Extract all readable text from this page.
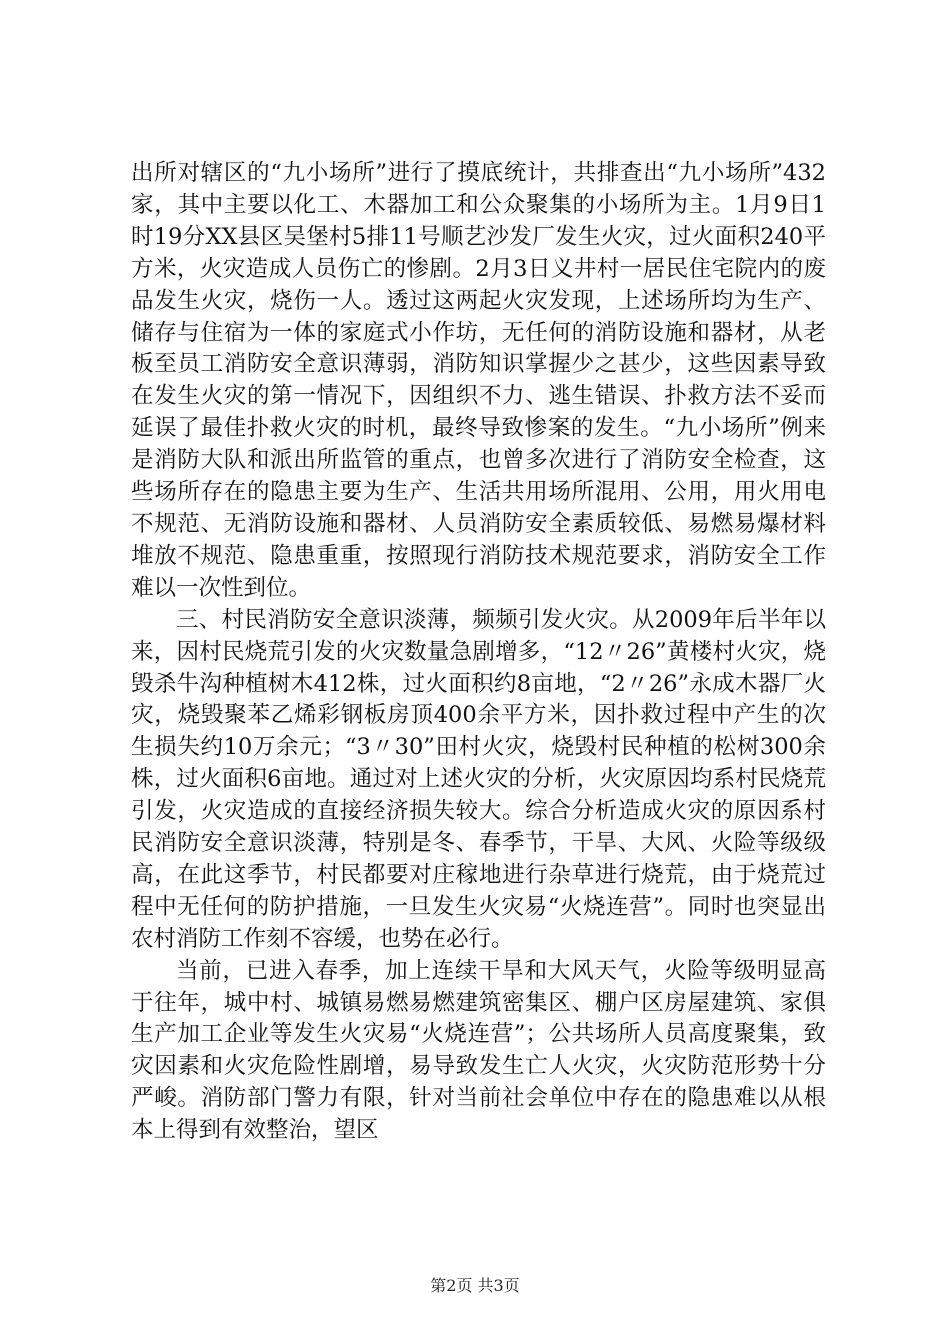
出所对辖区的“九小场所”进行了摸底统计，共排查出“九小场所”432家，其中主要以化工、木器加工和公众聚集的小场所为主。1月9日1时19分XX县区吴堡村5排11号顺艺沙发厂发生火灾，过火面积240平方米，火灾造成人员伤亡的惨剧。2月3日义井村一居民住宅院内的废品发生火灾，烧伤一人。透过这两起火灾发现，上述场所均为生产、储存与住宿为一体的家庭式小作坊，无任何的消防设施和器材，从老板至员工消防安全意识薄弱，消防知识掌握少之甚少，这些因素导致在发生火灾的第一情况下，因组织不力、逃生错误、扑救方法不妥而延误了最佳扑救火灾的时机，最终导致惨案的发生。“九小场所”例来是消防大队和派出所监管的重点，也曾多次进行了消防安全检查，这些场所存在的隐患主要为生产、生活共用场所混用、公用，用火用电不规范、无消防设施和器材、人员消防安全素质较低、易燃易爆材料堆放不规范、隐患重重，按照现行消防技术规范要求，消防安全工作难以一次性到位。

三、村民消防安全意识淡薄，频频引发火灾。从2009年后半年以来，因村民烧荒引发的火灾数量急剧增多，“12〃26”黄楼村火灾，烧毁杀牛沟种植树木412株，过火面积约8亩地，“2〃26”永成木器厂火灾，烧毁聚苯乙烯彩钢板房顶400余平方米，因扑救过程中产生的次生损失约10万余元；“3〃30”田村火灾，烧毁村民种植的松树300余株，过火面积6亩地。通过对上述火灾的分析，火灾原因均系村民烧荒引发，火灾造成的直接经济损失较大。综合分析造成火灾的原因系村民消防安全意识淡薄，特别是冬、春季节，干旱、大风、火险等级级高，在此这季节，村民都要对庄稼地进行杂草进行烧荒，由于烧荒过程中无任何的防护措施，一旦发生火灾易“火烧连营”。同时也突显出农村消防工作刻不容缓，也势在必行。

当前，已进入春季，加上连续干旱和大风天气，火险等级明显高于往年，城中村、城镇易燃易燃建筑密集区、棚户区房屋建筑、家俱生产加工企业等发生火灾易“火烧连营”；公共场所人员高度聚集，致灾因素和火灾危险性剧增，易导致发生亡人火灾，火灾防范形势十分严峻。消防部门警力有限，针对当前社会单位中存在的隐患难以从根本上得到有效整治，望区

第2页 共3页
